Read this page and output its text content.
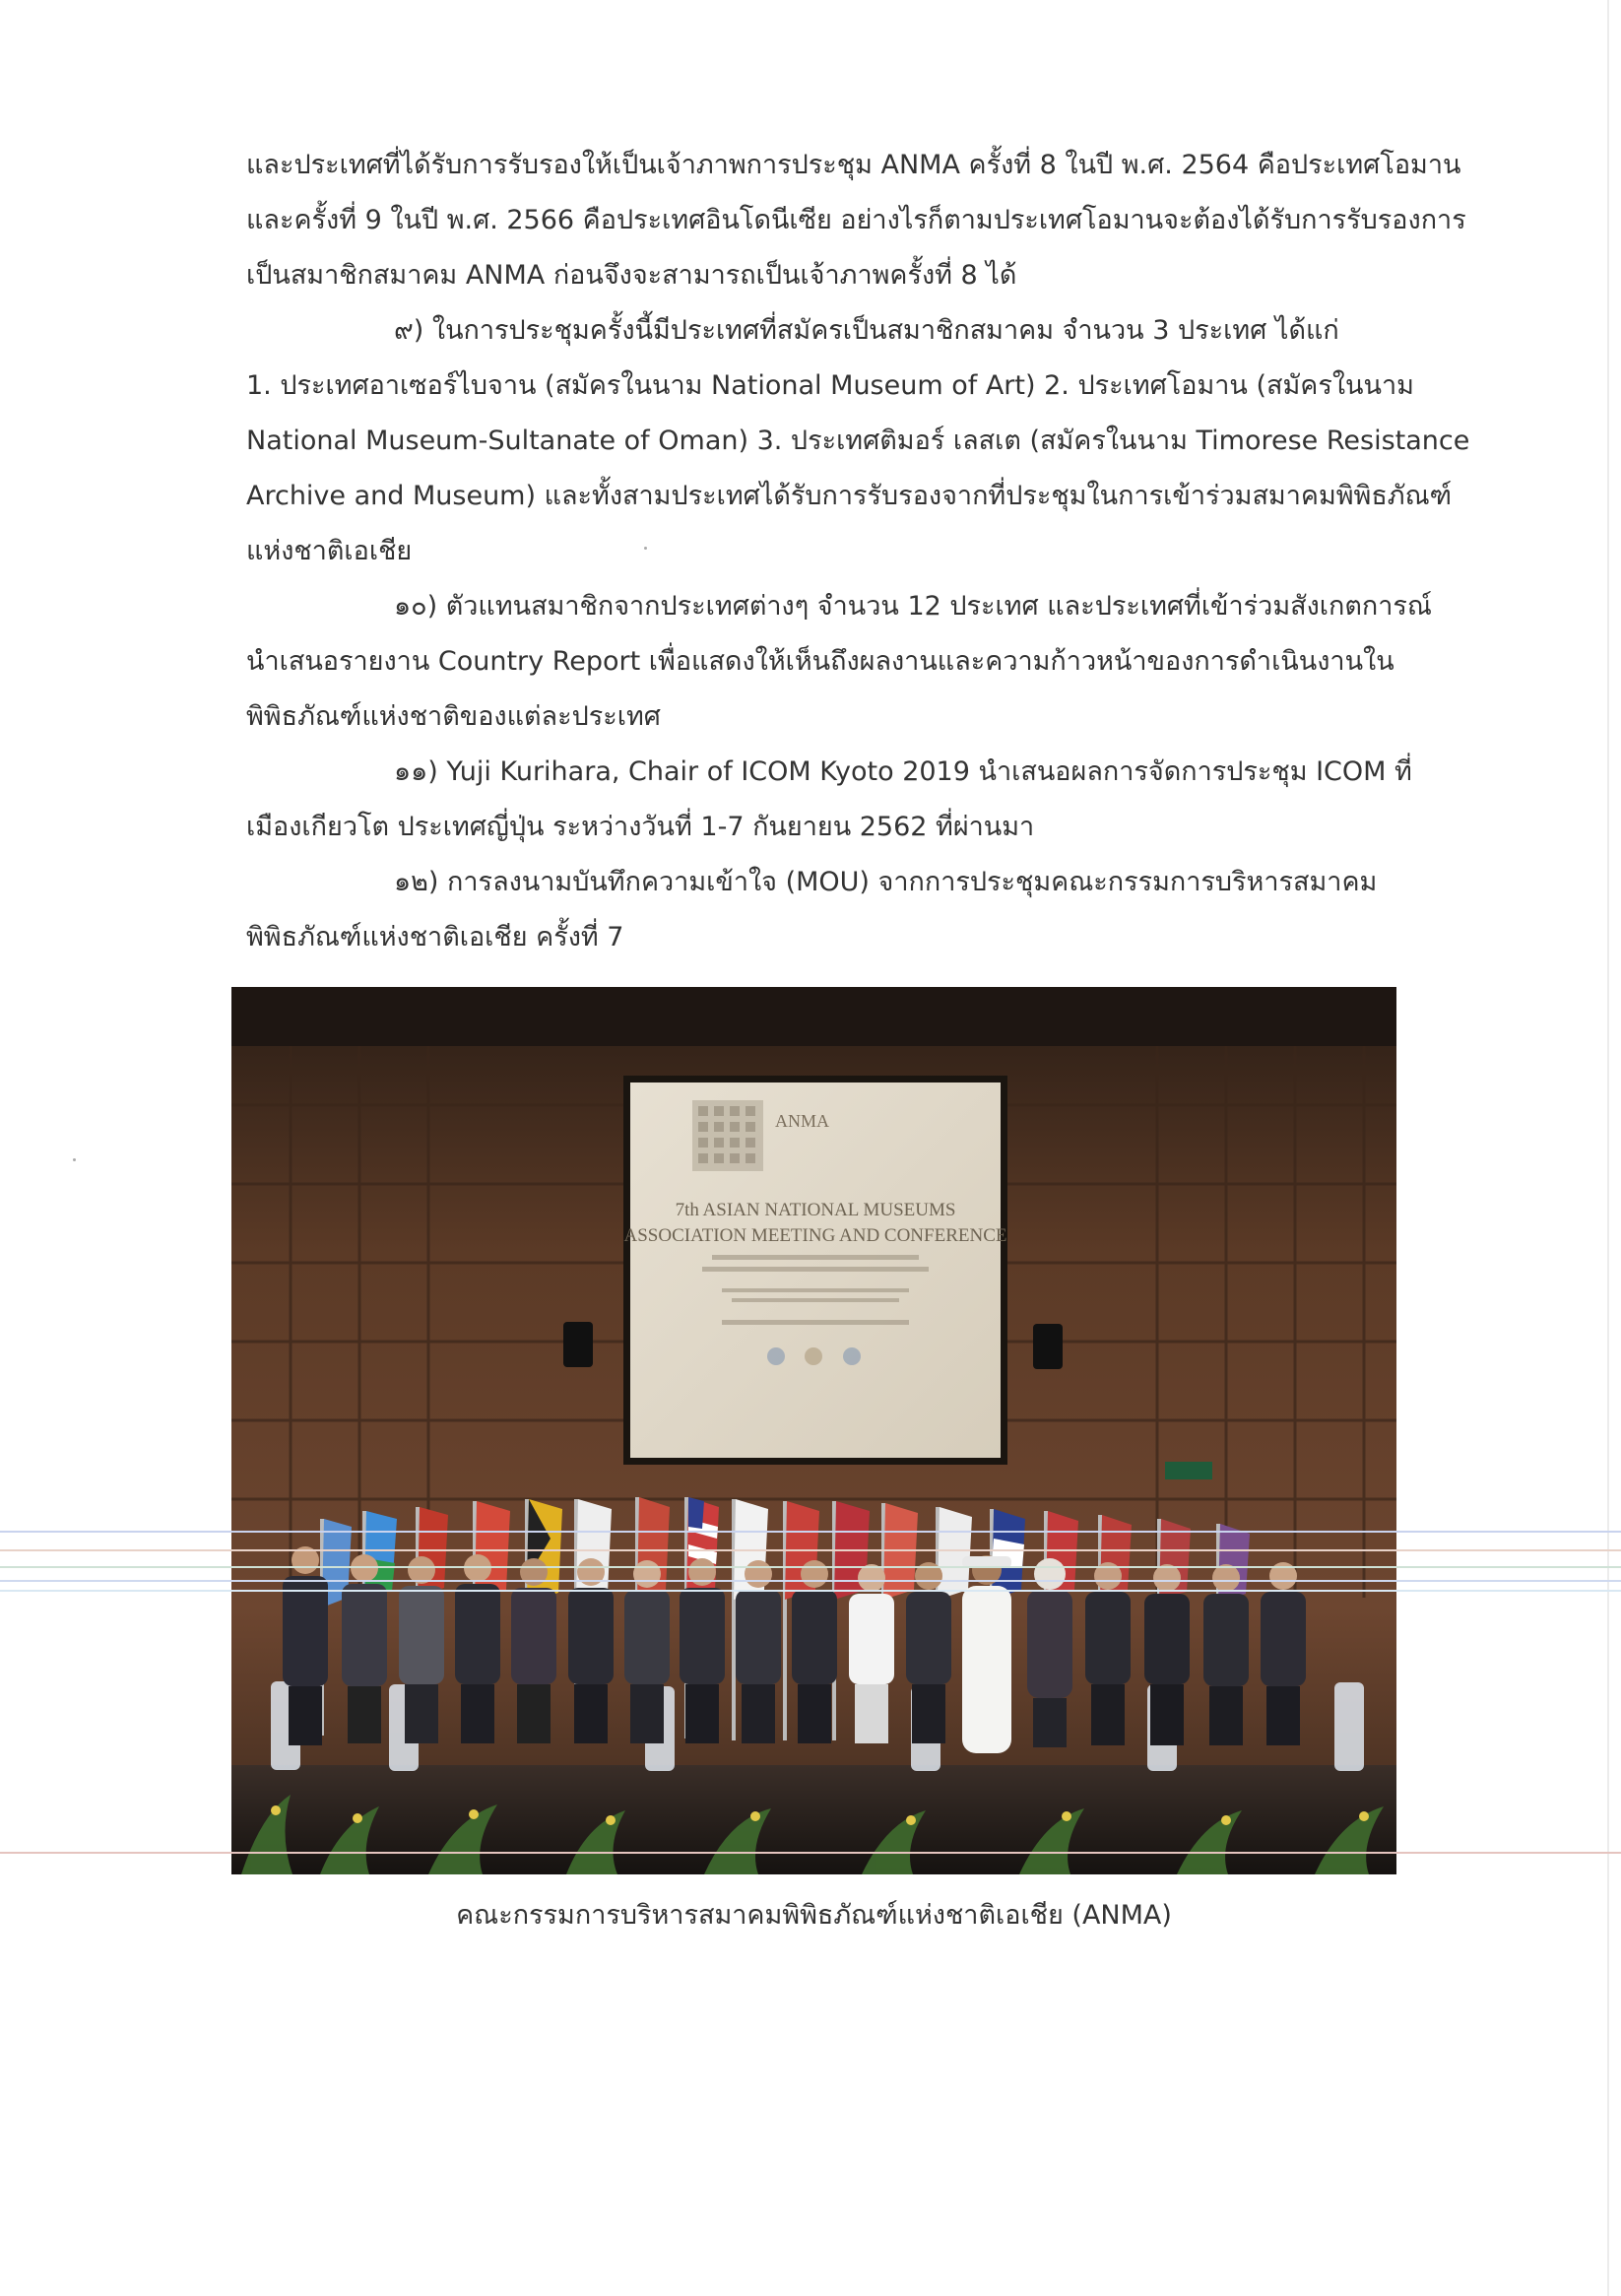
และประเทศที่ได้รับการรับรองให้เป็นเจ้าภาพการประชุม ANMA ครั้งที่ 8 ในปี พ.ศ. 2564 คือประเทศโอมาน
และครั้งที่ 9 ในปี พ.ศ. 2566 คือประเทศอินโดนีเซีย อย่างไรก็ตามประเทศโอมานจะต้องได้รับการรับรองการ
เป็นสมาชิกสมาคม ANMA ก่อนจึงจะสามารถเป็นเจ้าภาพครั้งที่ 8 ได้
๙) ในการประชุมครั้งนี้มีประเทศที่สมัครเป็นสมาชิกสมาคม จำนวน 3 ประเทศ ได้แก่
1. ประเทศอาเซอร์ไบจาน (สมัครในนาม National Museum of Art) 2. ประเทศโอมาน (สมัครในนาม
National Museum-Sultanate of Oman) 3. ประเทศติมอร์ เลสเต (สมัครในนาม Timorese Resistance
Archive and Museum) และทั้งสามประเทศได้รับการรับรองจากที่ประชุมในการเข้าร่วมสมาคมพิพิธภัณฑ์
แห่งชาติเอเชีย
๑๐) ตัวแทนสมาชิกจากประเทศต่างๆ จำนวน 12 ประเทศ และประเทศที่เข้าร่วมสังเกตการณ์
นำเสนอรายงาน Country Report เพื่อแสดงให้เห็นถึงผลงานและความก้าวหน้าของการดำเนินงานใน
พิพิธภัณฑ์แห่งชาติของแต่ละประเทศ
๑๑) Yuji Kurihara, Chair of ICOM Kyoto 2019 นำเสนอผลการจัดการประชุม ICOM ที่
เมืองเกียวโต ประเทศญี่ปุ่น ระหว่างวันที่ 1-7 กันยายน 2562 ที่ผ่านมา
๑๒) การลงนามบันทึกความเข้าใจ (MOU) จากการประชุมคณะกรรมการบริหารสมาคม
พิพิธภัณฑ์แห่งชาติเอเชีย ครั้งที่ 7
ANMA
7th ASIAN NATIONAL MUSEUMS
ASSOCIATION MEETING AND CONFERENCE
คณะกรรมการบริหารสมาคมพิพิธภัณฑ์แห่งชาติเอเชีย (ANMA)
